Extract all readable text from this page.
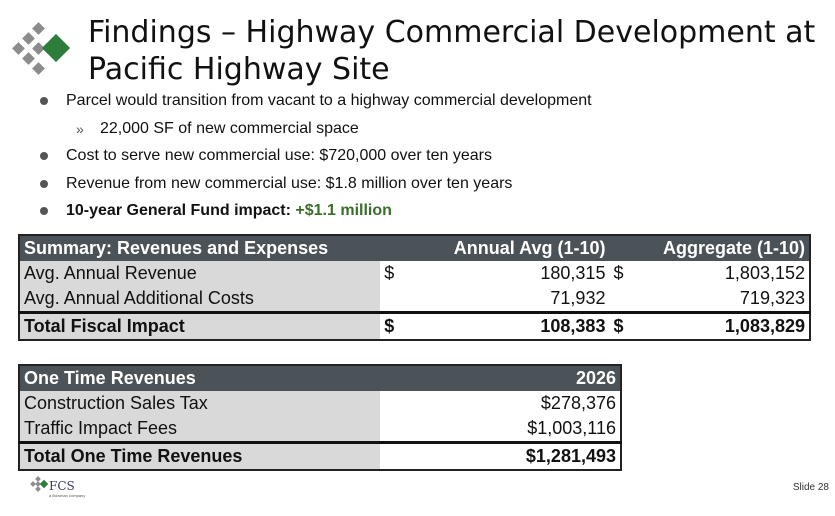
Findings – Highway Commercial Development at Pacific Highway Site
Parcel would transition from vacant to a highway commercial development
» 22,000 SF of new commercial space
Cost to serve new commercial use: $720,000 over ten years
Revenue from new commercial use: $1.8 million over ten years
10-year General Fund impact: +$1.1 million
Summary: Revenues and Expenses		Annual Avg (1-10)		Aggregate (1-10)
Avg. Annual Revenue	$	180,315	$	1,803,152
Avg. Annual Additional Costs		71,932		719,323
Total Fiscal Impact	$	108,383	$	1,083,829
One Time Revenues	2026
Construction Sales Tax	$278,376
Traffic Impact Fees	$1,003,116
Total One Time Revenues	$1,281,493
FCS
a Bowman company
Slide 28
